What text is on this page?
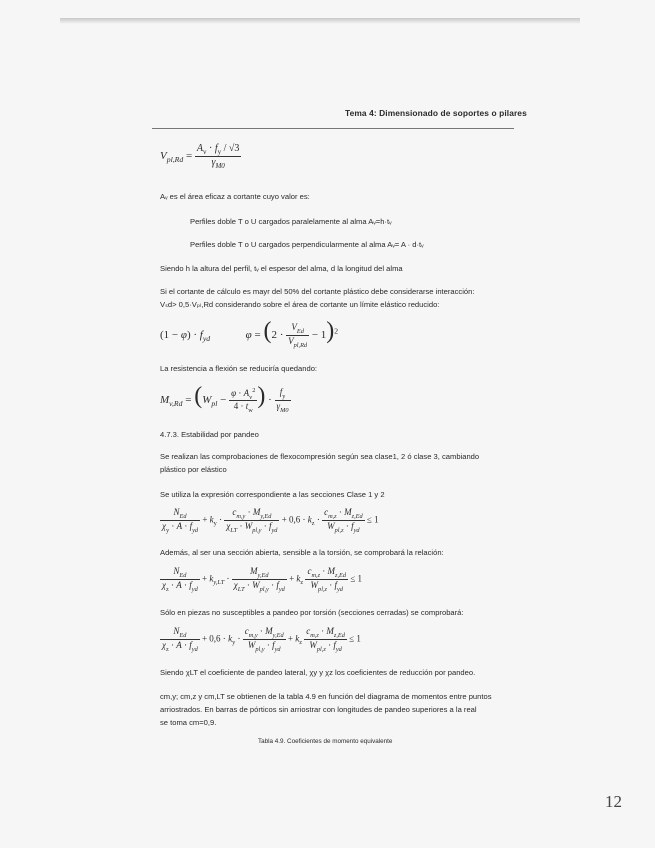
Tema 4: Dimensionado de soportes o pilares
$V_{pl,Rd} = \frac{A_v \cdot f_y / √3}{\gamma_{M0}}$
Aᵥ es el área eficaz a cortante cuyo valor es:
Perfiles doble T o U cargados paralelamente al alma Aᵥ=h·tᵥ
Perfiles doble T o U cargados perpendicularmente al alma Aᵥ= A · d·tᵥ
Siendo h la altura del perfil, tᵥ el espesor del alma, d la longitud del alma
Si el cortante de cálculo es mayr del 50% del cortante plástico debe considerarse interacción:
Vₛd> 0,5·Vₚₗ,Rd considerando sobre el área de cortante un límite elástico reducido:
$(1 - \varphi) \cdot f_{yd}$	$\varphi = (2 \cdot \frac{V_{Ed}}{V_{pl,Rd}} - 1)^2$
La resistencia a flexión se reduciría quedando:
$M_{v,Rd} = (W_{pl} - \frac{\varphi \cdot A_v^2}{4 \cdot t_w}$ ) · $\frac{f_y}{\gamma_{M0}}$
4.7.3. Estabilidad por pandeo
Se realizan las comprobaciones de flexocompresión según sea clase1, 2 ó clase 3, cambiando
plástico por elástico
Se utiliza la expresión correspondiente a las secciones Clase 1 y 2
$\frac{N_{Ed}}{\chi_y \cdot A \cdot f_{yd}} + k_y \cdot \frac{c_{m,y} \cdot M_{y,Ed}}{\chi_{LT} \cdot W_{pl,y} \cdot f_{yd}} + 0,6 \cdot k_z \cdot \frac{c_{m,z} \cdot M_{z,Ed}}{W_{pl,z} \cdot f_{yd}} \le 1$
Además, al ser una sección abierta, sensible a la torsión, se comprobará la relación:
$\frac{N_{Ed}}{\chi_z \cdot A \cdot f_{yd}} + k_{y,LT} \cdot \frac{M_{y,Ed}}{\chi_{LT} \cdot W_{pl,y} \cdot f_{yd}} + k_z \frac{c_{m,z} \cdot M_{z,Ed}}{W_{pl,z} \cdot f_{yd}} \le 1$
Sólo en piezas no susceptibles a pandeo por torsión (secciones cerradas) se comprobará:
$\frac{N_{Ed}}{\chi_z \cdot A \cdot f_{yd}} + 0,6 \cdot k_y \cdot \frac{c_{m,y} \cdot M_{y,Ed}}{W_{pl,y} \cdot f_{yd}} + k_z \frac{c_{m,z} \cdot M_{z,Ed}}{W_{pl,z} \cdot f_{yd}} \le 1$
Siendo χLT el coeficiente de pandeo lateral, χy y χz los coeficientes de reducción por pandeo.
cm,y; cm,z y cm,LT se obtienen de la tabla 4.9 en función del diagrama de momentos entre puntos
arriostrados. En barras de pórticos sin arriostrar con longitudes de pandeo superiores a la real
se toma cm=0,9.
Tabla 4.9. Coeficientes de momento equivalente
12
